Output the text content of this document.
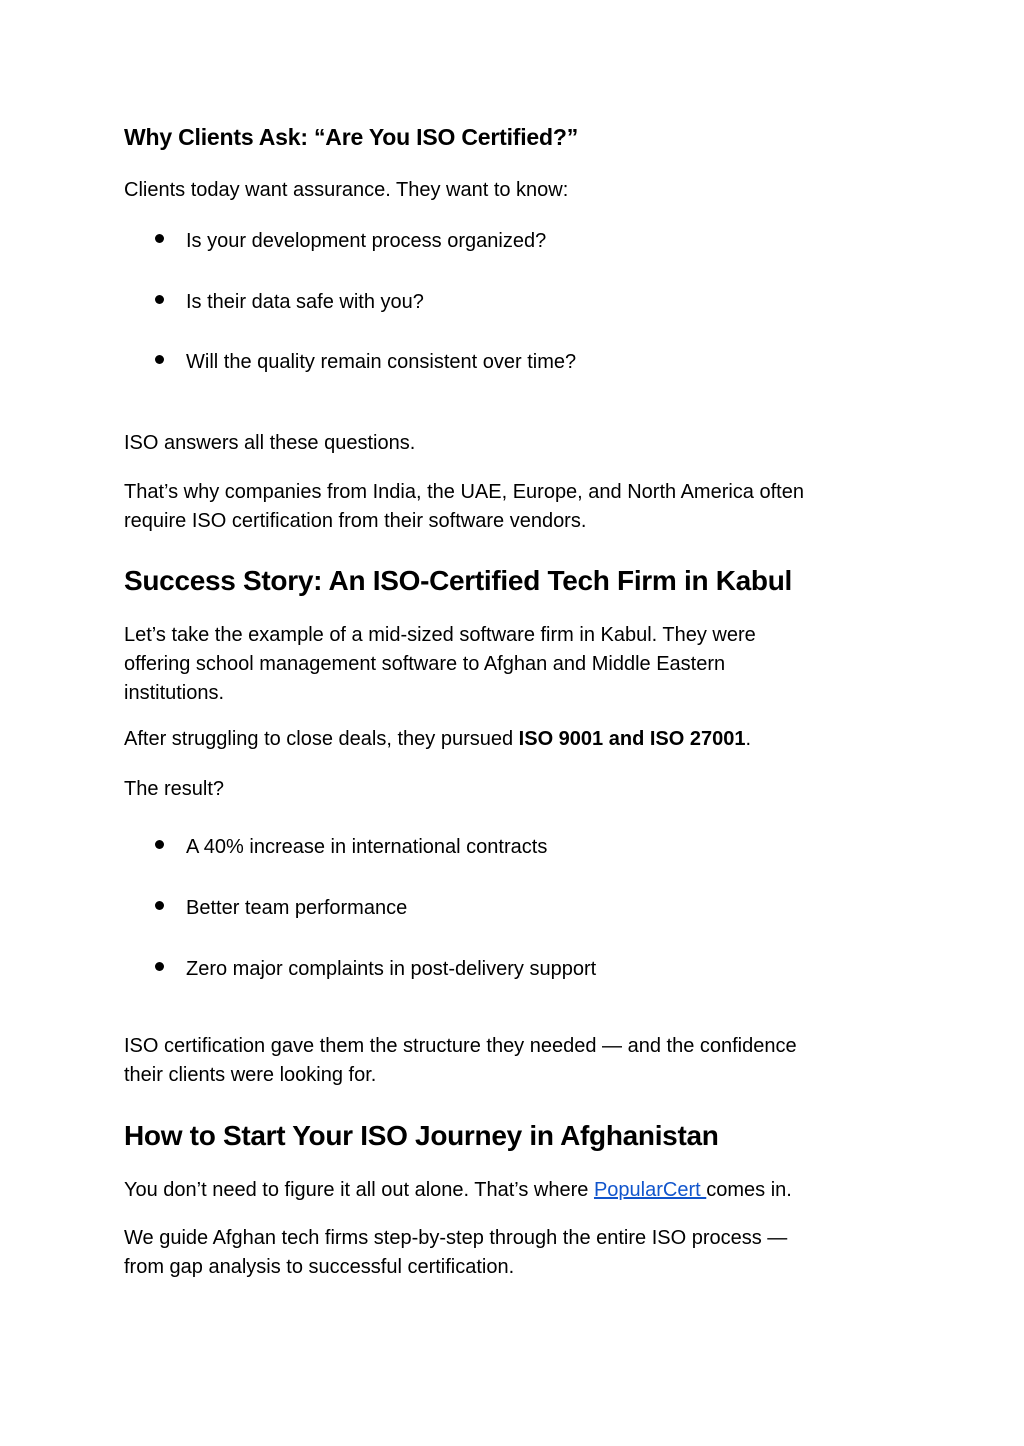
Why Clients Ask: “Are You ISO Certified?”

Clients today want assurance. They want to know:

Is your development process organized?
Is their data safe with you?
Will the quality remain consistent over time?

ISO answers all these questions.

That’s why companies from India, the UAE, Europe, and North America often

require ISO certification from their software vendors.

Success Story: An ISO-Certified Tech Firm in Kabul

Let’s take the example of a mid-sized software firm in Kabul. They were

offering school management software to Afghan and Middle Eastern

institutions.

After struggling to close deals, they pursued ISO 9001 and ISO 27001.

The result?

A 40% increase in international contracts
Better team performance
Zero major complaints in post-delivery support

ISO certification gave them the structure they needed — and the confidence

their clients were looking for.

How to Start Your ISO Journey in Afghanistan

You don’t need to figure it all out alone. That’s where PopularCert comes in.

We guide Afghan tech firms step-by-step through the entire ISO process —

from gap analysis to successful certification.
